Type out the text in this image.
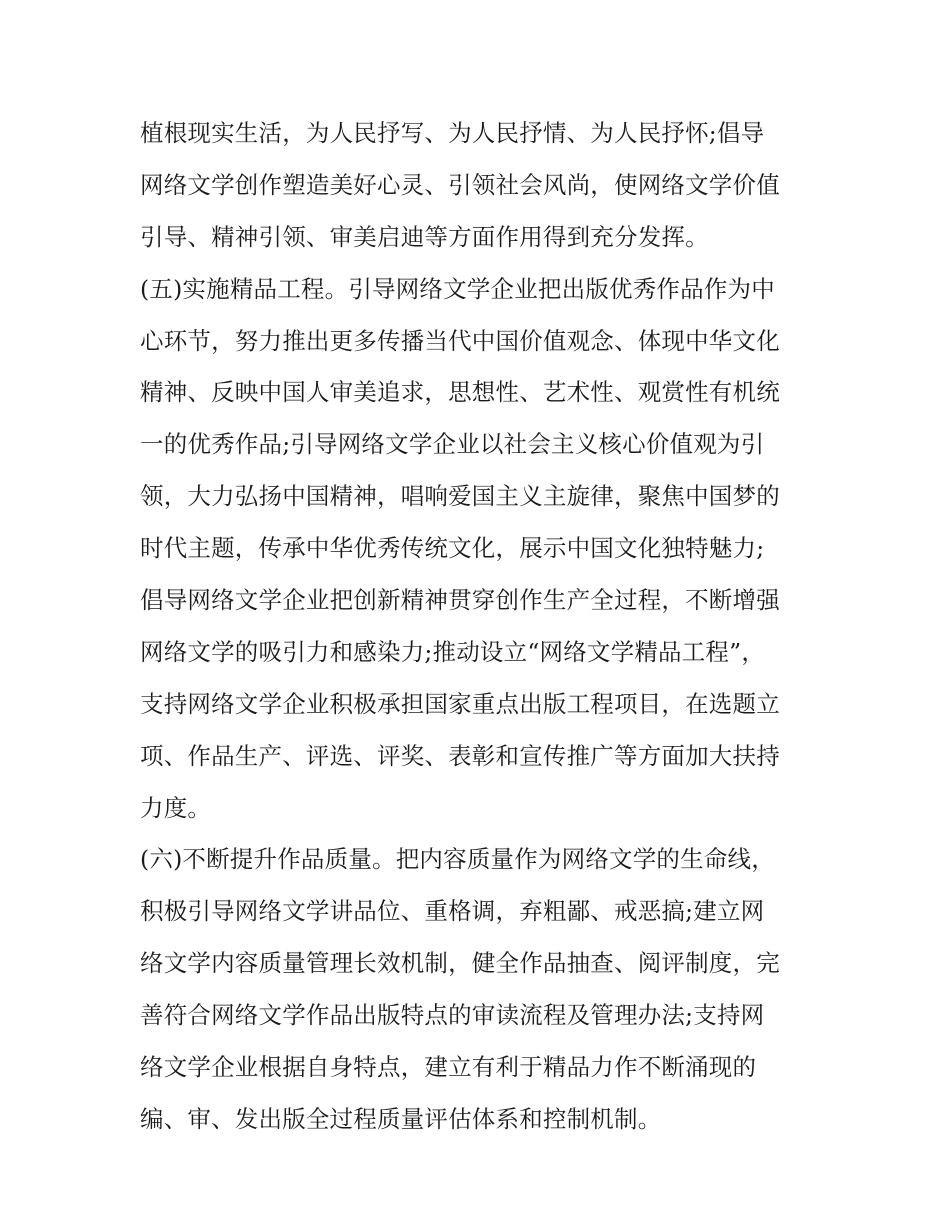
植根现实生活，为人民抒写、为人民抒情、为人民抒怀;倡导
网络文学创作塑造美好心灵、引领社会风尚，使网络文学价值
引导、精神引领、审美启迪等方面作用得到充分发挥。
(五)实施精品工程。引导网络文学企业把出版优秀作品作为中
心环节，努力推出更多传播当代中国价值观念、体现中华文化
精神、反映中国人审美追求，思想性、艺术性、观赏性有机统
一的优秀作品;引导网络文学企业以社会主义核心价值观为引
领，大力弘扬中国精神，唱响爱国主义主旋律，聚焦中国梦的
时代主题，传承中华优秀传统文化，展示中国文化独特魅力;
倡导网络文学企业把创新精神贯穿创作生产全过程，不断增强
网络文学的吸引力和感染力;推动设立“网络文学精品工程”，
支持网络文学企业积极承担国家重点出版工程项目，在选题立
项、作品生产、评选、评奖、表彰和宣传推广等方面加大扶持
力度。
(六)不断提升作品质量。把内容质量作为网络文学的生命线，
积极引导网络文学讲品位、重格调，弃粗鄙、戒恶搞;建立网
络文学内容质量管理长效机制，健全作品抽查、阅评制度，完
善符合网络文学作品出版特点的审读流程及管理办法;支持网
络文学企业根据自身特点，建立有利于精品力作不断涌现的
编、审、发出版全过程质量评估体系和控制机制。
